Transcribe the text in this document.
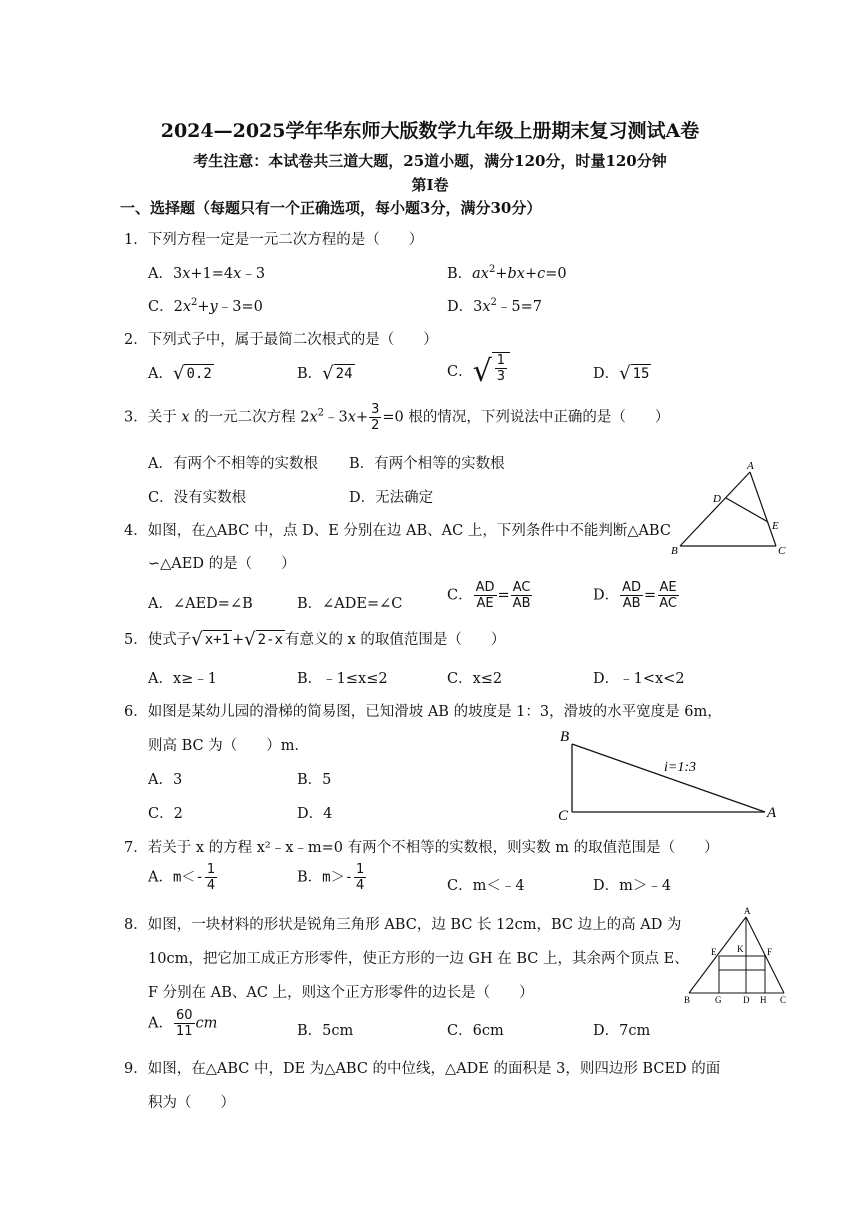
2024—2025学年华东师大版数学九年级上册期末复习测试A卷
考生注意：本试卷共三道大题，25道小题，满分120分，时量120分钟
第Ⅰ卷
一、选择题（每题只有一个正确选项，每小题3分，满分30分）
1．下列方程一定是一元二次方程的是（　　）
A．3x+1=4x﹣3	B．$ax^2+bx+c=0$
C．$2x^2+y﹣3=0$	D．$3x^2﹣5=7$
2．下列式子中，属于最简二次根式的是（　　）
A． √ 0.2	B． √ 24	C． √ $\frac{1}{3}$	D． √ 15
3．关于 x 的一元二次方程 $2x^2﹣3x+ \frac{3}{2} =0$ 根的情况，下列说法中正确的是（　　）
A．有两个不相等的实数根 B．有两个相等的实数根
C．没有实数根	D．无法确定
A
D
E
B	C
4．如图，在△ABC 中，点 D、E 分别在边 AB、AC 上，下列条件中不能判断△ABC
∽△AED 的是（　　）
A．∠AED=∠B	B．∠ADE=∠C
C． $\frac{AD}{AE} = \frac{AC}{AB}$	D． $\frac{AD}{AB} = \frac{AE}{AC}$
5．使式子 √ x+1 + √ 2-x 有意义的 x 的取值范围是（　　）
A．x≥﹣1	B．﹣1≤x≤2	C．x≤2	D．﹣1<x<2
6．如图是某幼儿园的滑梯的简易图，已知滑坡 AB 的坡度是 1：3，滑坡的水平宽度是 6m，
则高 BC 为（　　）m．
A．3	B．5
C．2	D．4
B
C	A
i=1:3
7．若关于 x 的方程 x²﹣x﹣m=0 有两个不相等的实数根，则实数 m 的取值范围是（　　）
A．$m<- \frac{1}{4}$	B．$m>- \frac{1}{4}$	C．m＜﹣4	D．m＞﹣4
8．如图，一块材料的形状是锐角三角形 ABC，边 BC 长 12cm，BC 边上的高 AD 为
10cm，把它加工成正方形零件，使正方形的一边 GH 在 BC 上，其余两个顶点 E、
F 分别在 AB、AC 上，则这个正方形零件的边长是（　　）
A． $\frac{60}{11}$ cm	B．5cm	C．6cm	D．7cm
A
E K	F
B	G D H C
9．如图，在△ABC 中，DE 为△ABC 的中位线，△ADE 的面积是 3，则四边形 BCED 的面
积为（　　）
